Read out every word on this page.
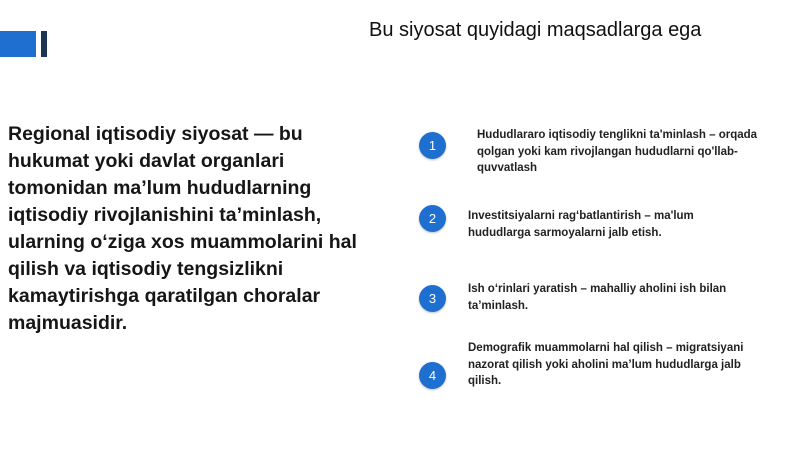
Bu siyosat quyidagi maqsadlarga ega
Regional iqtisodiy siyosat — bu hukumat yoki davlat organlari tomonidan ma’lum hududlarning iqtisodiy rivojlanishini ta’minlash, ularning o‘ziga xos muammolarini hal qilish va iqtisodiy tengsizlikni kamaytirishga qaratilgan choralar majmuasidir.
1
Hududlararo iqtisodiy tenglikni ta'minlash – orqada qolgan yoki kam rivojlangan hududlarni qo'llab-quvvatlash
2	Investitsiyalarni rag‘batlantirish – ma'lum hududlarga sarmoyalarni jalb etish.
3
Ish o‘rinlari yaratish – mahalliy aholini ish bilan ta’minlash.
4
Demografik muammolarni hal qilish – migratsiyani nazorat qilish yoki aholini ma’lum hududlarga jalb qilish.
